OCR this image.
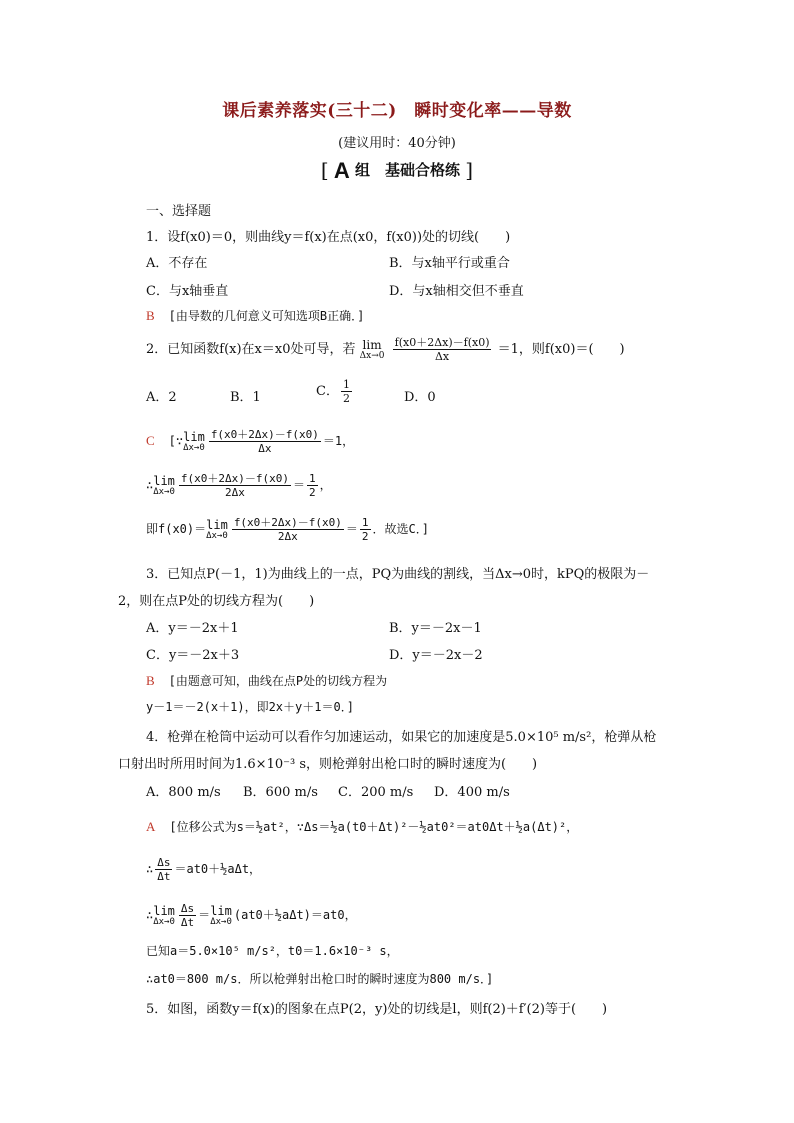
课后素养落实(三十二)　瞬时变化率——导数
(建议用时：40分钟)
[ A 组　基础合格练 ]
一、选择题
1．设f(x0)＝0，则曲线y＝f(x)在点(x0，f(x0))处的切线(　　)
A．不存在	B．与x轴平行或重合
C．与x轴垂直	D．与x轴相交但不垂直
B [由导数的几何意义可知选项B正确．]
2．已知函数f(x)在x＝x0处可导，若 lim
Δx→0
$\frac{f(x0+2\Delta x)-f(x0)}{\Delta x} =1$，则f(x0)＝(　　)
A．2	B．1	C． $\frac{1}{2}$	D．0
C [∵lim
$\Delta x\to 0 \frac{f(x0+2\Delta x)-f(x0)}{\Delta x} =1$，
∴lim
$\Delta x\to 0 \frac{f(x0+2\Delta x)-f(x0)}{2\Delta x} = \frac{1}{2}$ ，
即f(x0)＝lim
$\Delta x\to 0 \frac{f(x0+2\Delta x)-f(x0)}{2\Delta x} = \frac{1}{2}$ ．故选C．]
3．已知点P(－1，1)为曲线上的一点，PQ为曲线的割线，当Δx→0时，kPQ的极限为－
2，则在点P处的切线方程为(　　)
A．y＝－2x＋1	B．y＝－2x－1
C．y＝－2x＋3	D．y＝－2x－2
B [由题意可知，曲线在点P处的切线方程为
y－1＝－2(x＋1)，即2x＋y＋1＝0．]
4．枪弹在枪筒中运动可以看作匀加速运动，如果它的加速度是5.0×10⁵ m/s²，枪弹从枪
口射出时所用时间为1.6×10⁻³ s，则枪弹射出枪口时的瞬时速度为(　　)
A．800 m/s B．600 m/s C．200 m/s D．400 m/s
A [位移公式为s＝½at²，∵Δs＝½a(t0＋Δt)²－½at0²＝at0Δt＋½a(Δt)²，
∴ $\frac{\Delta s}{\Delta t}$ ＝at0＋½aΔt，
∴lim
$\Delta x\to 0 \frac{\Delta s}{\Delta t} =\lim$
Δx→0 (at0＋½aΔt)＝at0，
已知a＝5.0×10⁵ m/s²，t0＝1.6×10⁻³ s，
∴at0＝800 m/s．所以枪弹射出枪口时的瞬时速度为800 m/s．]
5．如图，函数y＝f(x)的图象在点P(2，y)处的切线是l，则f(2)＋f′(2)等于(　　)
